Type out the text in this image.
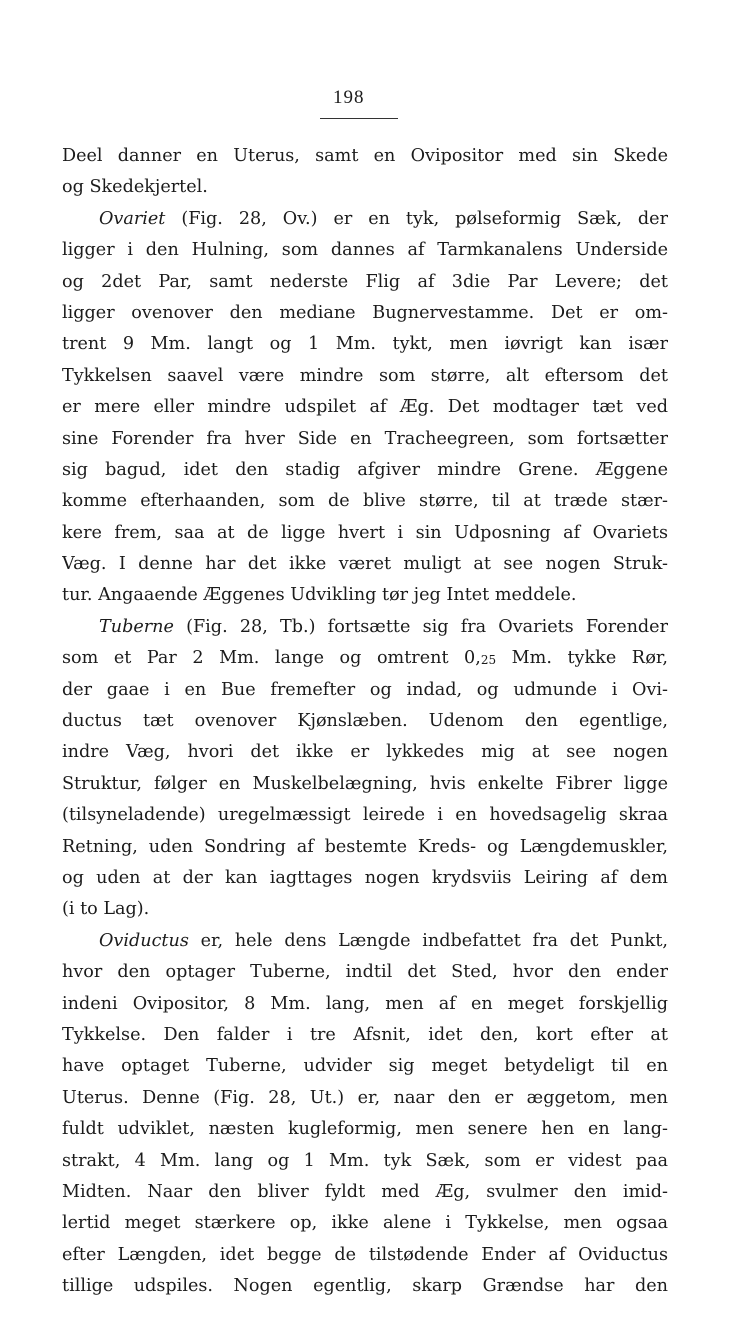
198
Deel danner en Uterus, samt en Ovipositor med sin Skede
og Skedekjertel.
Ovariet (Fig. 28, Ov.) er en tyk, pølseformig Sæk, der
ligger i den Hulning, som dannes af Tarmkanalens Underside
og 2det Par, samt nederste Flig af 3die Par Levere; det
ligger ovenover den mediane Bugnervestamme. Det er om-
trent 9 Mm. langt og 1 Mm. tykt, men iøvrigt kan især
Tykkelsen saavel være mindre som større, alt eftersom det
er mere eller mindre udspilet af Æg. Det modtager tæt ved
sine Forender fra hver Side en Tracheegreen, som fortsætter
sig bagud, idet den stadig afgiver mindre Grene. Æggene
komme efterhaanden, som de blive større, til at træde stær-
kere frem, saa at de ligge hvert i sin Udposning af Ovariets
Væg. I denne har det ikke været muligt at see nogen Struk-
tur. Angaaende Æggenes Udvikling tør jeg Intet meddele.
Tuberne (Fig. 28, Tb.) fortsætte sig fra Ovariets Forender
som et Par 2 Mm. lange og omtrent 0,25 Mm. tykke Rør,
der gaae i en Bue fremefter og indad, og udmunde i Ovi-
ductus tæt ovenover Kjønslæben. Udenom den egentlige,
indre Væg, hvori det ikke er lykkedes mig at see nogen
Struktur, følger en Muskelbelægning, hvis enkelte Fibrer ligge
(tilsyneladende) uregelmæssigt leirede i en hovedsagelig skraa
Retning, uden Sondring af bestemte Kreds- og Længdemuskler,
og uden at der kan iagttages nogen krydsviis Leiring af dem
(i to Lag).
Oviductus er, hele dens Længde indbefattet fra det Punkt,
hvor den optager Tuberne, indtil det Sted, hvor den ender
indeni Ovipositor, 8 Mm. lang, men af en meget forskjellig
Tykkelse. Den falder i tre Afsnit, idet den, kort efter at
have optaget Tuberne, udvider sig meget betydeligt til en
Uterus. Denne (Fig. 28, Ut.) er, naar den er æggetom, men
fuldt udviklet, næsten kugleformig, men senere hen en lang-
strakt, 4 Mm. lang og 1 Mm. tyk Sæk, som er videst paa
Midten. Naar den bliver fyldt med Æg, svulmer den imid-
lertid meget stærkere op, ikke alene i Tykkelse, men ogsaa
efter Længden, idet begge de tilstødende Ender af Oviductus
tillige udspiles. Nogen egentlig, skarp Grændse har den
